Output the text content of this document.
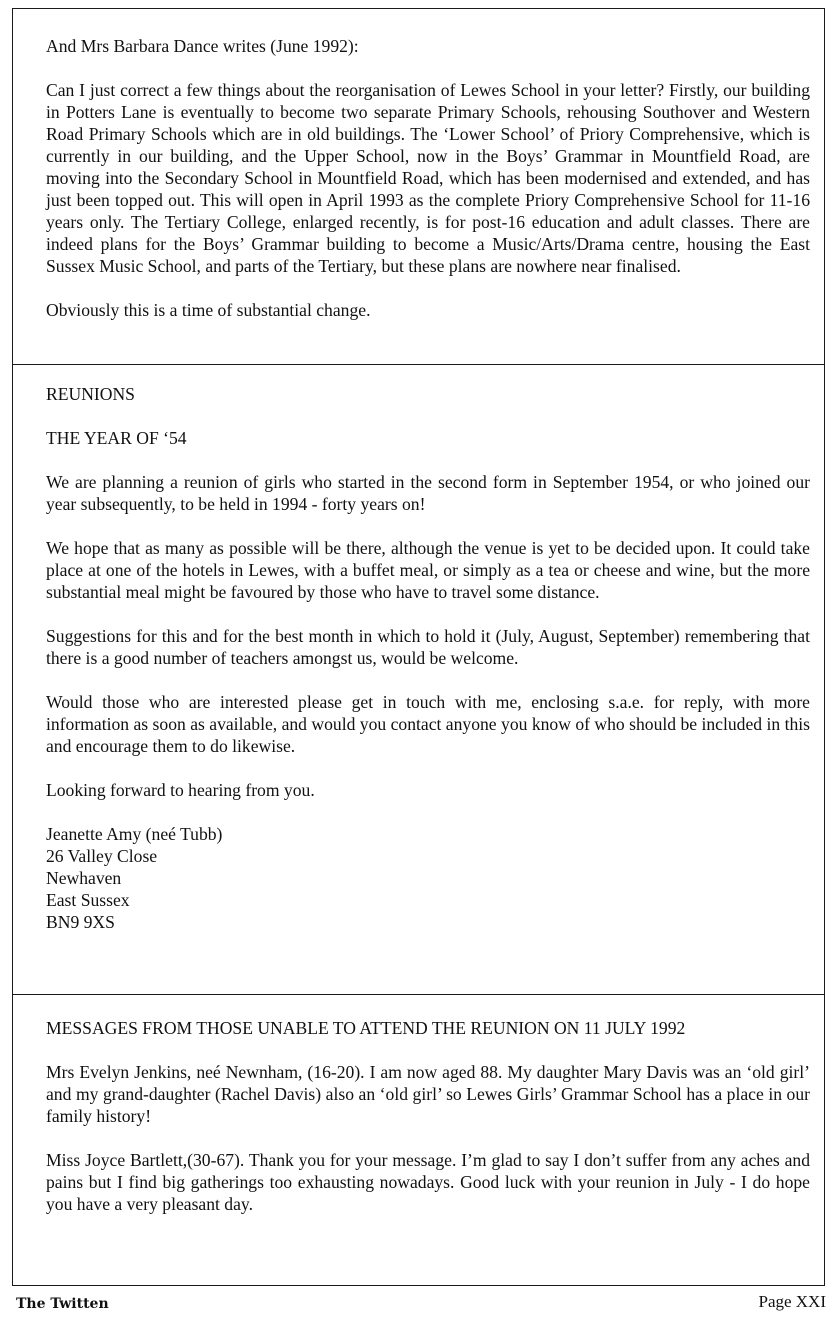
And Mrs Barbara Dance writes (June 1992):

Can I just correct a few things about the reorganisation of Lewes School in your letter? Firstly, our building in Potters Lane is eventually to become two separate Primary Schools, rehousing Southover and Western Road Primary Schools which are in old buildings. The ‘Lower School’ of Priory Comprehensive, which is currently in our building, and the Upper School, now in the Boys’ Grammar in Mountfield Road, are moving into the Secondary School in Mountfield Road, which has been modernised and extended, and has just been topped out. This will open in April 1993 as the complete Priory Comprehensive School for 11-16 years only. The Tertiary College, enlarged recently, is for post-16 education and adult classes. There are indeed plans for the Boys’ Grammar building to become a Music/Arts/Drama centre, housing the East Sussex Music School, and parts of the Tertiary, but these plans are nowhere near finalised.

Obviously this is a time of substantial change.

REUNIONS

THE YEAR OF ‘54

We are planning a reunion of girls who started in the second form in September 1954, or who joined our year subsequently, to be held in 1994 - forty years on!

We hope that as many as possible will be there, although the venue is yet to be decided upon. It could take place at one of the hotels in Lewes, with a buffet meal, or simply as a tea or cheese and wine, but the more substantial meal might be favoured by those who have to travel some distance.

Suggestions for this and for the best month in which to hold it (July, August, September) remembering that there is a good number of teachers amongst us, would be welcome.

Would those who are interested please get in touch with me, enclosing s.a.e. for reply, with more information as soon as available, and would you contact anyone you know of who should be included in this and encourage them to do likewise.

Looking forward to hearing from you.

Jeanette Amy (neé Tubb)

26 Valley Close

Newhaven

East Sussex

BN9 9XS

MESSAGES FROM THOSE UNABLE TO ATTEND THE REUNION ON 11 JULY 1992

Mrs Evelyn Jenkins, neé Newnham, (16-20). I am now aged 88. My daughter Mary Davis was an ‘old girl’ and my grand-daughter (Rachel Davis) also an ‘old girl’ so Lewes Girls’ Grammar School has a place in our family history!

Miss Joyce Bartlett,(30-67). Thank you for your message. I’m glad to say I don’t suffer from any aches and pains but I find big gatherings too exhausting nowadays. Good luck with your reunion in July - I do hope you have a very pleasant day.

The Twitten	Page XXI
